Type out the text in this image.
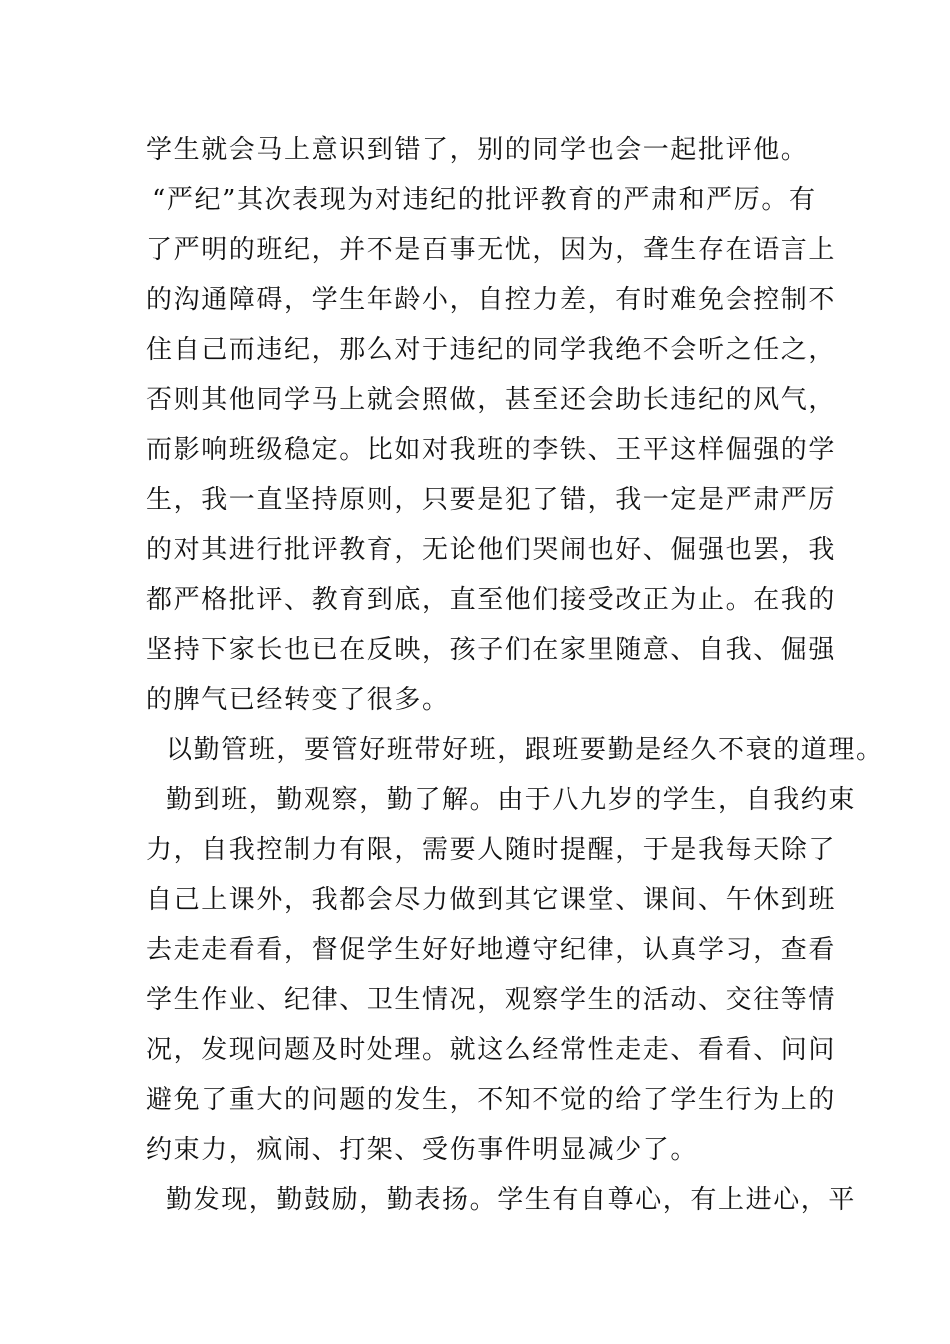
学生就会马上意识到错了，别的同学也会一起批评他。
“严纪”其次表现为对违纪的批评教育的严肃和严厉。有
了严明的班纪，并不是百事无忧，因为，聋生存在语言上
的沟通障碍，学生年龄小，自控力差，有时难免会控制不
住自己而违纪，那么对于违纪的同学我绝不会听之任之，
否则其他同学马上就会照做，甚至还会助长违纪的风气，
而影响班级稳定。比如对我班的李铁、王平这样倔强的学
生，我一直坚持原则，只要是犯了错，我一定是严肃严厉
的对其进行批评教育，无论他们哭闹也好、倔强也罢，我
都严格批评、教育到底，直至他们接受改正为止。在我的
坚持下家长也已在反映，孩子们在家里随意、自我、倔强
的脾气已经转变了很多。
以勤管班，要管好班带好班，跟班要勤是经久不衰的道理。
勤到班，勤观察，勤了解。由于八九岁的学生，自我约束
力，自我控制力有限，需要人随时提醒，于是我每天除了
自己上课外，我都会尽力做到其它课堂、课间、午休到班
去走走看看，督促学生好好地遵守纪律，认真学习，查看
学生作业、纪律、卫生情况，观察学生的活动、交往等情
况，发现问题及时处理。就这么经常性走走、看看、问问
避免了重大的问题的发生，不知不觉的给了学生行为上的
约束力，疯闹、打架、受伤事件明显减少了。
勤发现，勤鼓励，勤表扬。学生有自尊心，有上进心，平
